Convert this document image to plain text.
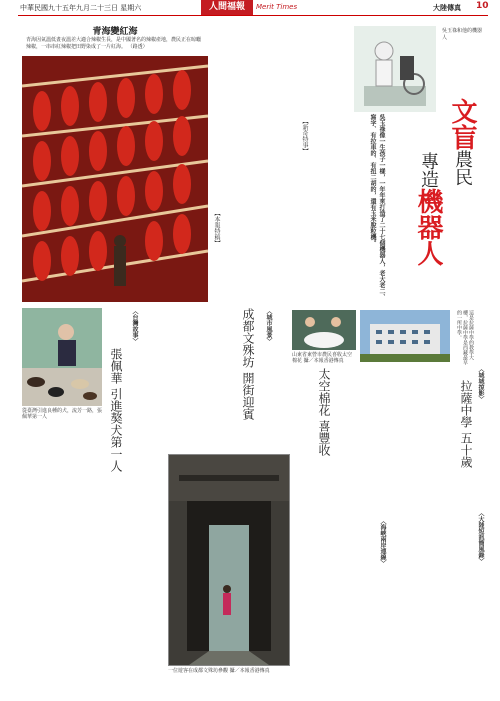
中華民國九十五年九月二十三日 星期六	人間福報	Merit Times	大陸傳真 10
青海變紅海
青海因氣溫低晝夜溫差大適合辣椒生長，是中國著名的辣椒產地，農民正在晾曬辣椒，一串串紅辣椒把田野染成了一片紅海。 （路透）
吳玉祿和他的機器人
文盲農民
專造機器人
吳玉祿像一生孩子一樣，一年年來打造了二十七個機器人，老大老二、寫字、有拉車的、有扭二胡的，還有玉米脫粒機。
【新奇特事】
【本報特稿】
從臺灣引進良種的犬，流芳一路，張佩華第一人
〈台灣故事〉
張佩華 引進獒犬第一人
〈城市風景〉
成都文殊坊 開街迎賓	山東省東營市農民喜收太空棉花 攝／本報香港傳真
太空棉花 喜豐收
這是拉薩中學的教學大樓，拉薩中學是西藏最早的一所中學。
〈城城掠影〉
拉薩中學 五十歲
一位遊客在成都文殊坊參觀 攝／本報香港傳真
〈大陸短訊簡風錄〉
〈海峽兩岸連線〉
